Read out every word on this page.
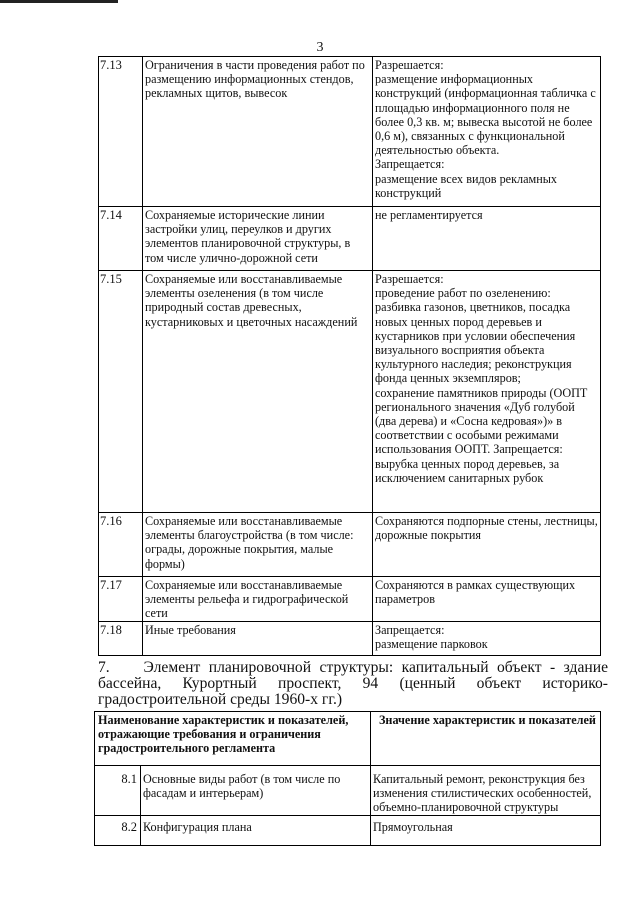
3
7.13	Ограничения в части проведения работ по размещению информационных стендов, рекламных щитов, вывесок	Разрешается:
размещение информационных конструкций (информационная табличка с площадью информационного поля не более 0,3 кв. м; вывеска высотой не более 0,6 м), связанных с функциональной деятельностью объекта.
Запрещается:
размещение всех видов рекламных конструкций

7.14	Сохраняемые исторические линии застройки улиц, переулков и других элементов планировочной структуры, в том числе улично-дорожной сети	не регламентируется
7.15	Сохраняемые или восстанавливаемые элементы озеленения (в том числе природный состав древесных, кустарниковых и цветочных насаждений	Разрешается:
проведение работ по озеленению: разбивка газонов, цветников, посадка новых ценных пород деревьев и кустарников при условии обеспечения визуального восприятия объекта культурного наследия; реконструкция фонда ценных экземпляров;
сохранение памятников природы (ООПТ регионального значения «Дуб голубой (два дерева) и «Сосна кедровая»)» в соответствии с особыми режимами использования ООПТ. Запрещается:
вырубка ценных пород деревьев, за исключением санитарных рубок

7.16	Сохраняемые или восстанавливаемые элементы благоустройства (в том числе: ограды, дорожные покрытия, малые формы)	Сохраняются подпорные стены, лестницы, дорожные покрытия
7.17	Сохраняемые или восстанавливаемые элементы рельефа и гидрографической сети	Сохраняются в рамках существующих параметров
7.18	Иные требования	Запрещается:
размещение парковок
7.        Элемент  планировочной  структуры:  капитальный  объект  -  здание
бассейна,     Курортный     проспект,     94     (ценный     объект     историко-
градостроительной среды 1960-х гг.)
Наименование характеристик и показателей, отражающие требования и ограничения градостроительного регламента		Значение характеристик и показателей
8.1	Основные виды работ (в том числе по фасадам и интерьерам)	Капитальный ремонт, реконструкция без изменения стилистических особенностей, объемно-планировочной структуры
8.2	Конфигурация плана	Прямоугольная
